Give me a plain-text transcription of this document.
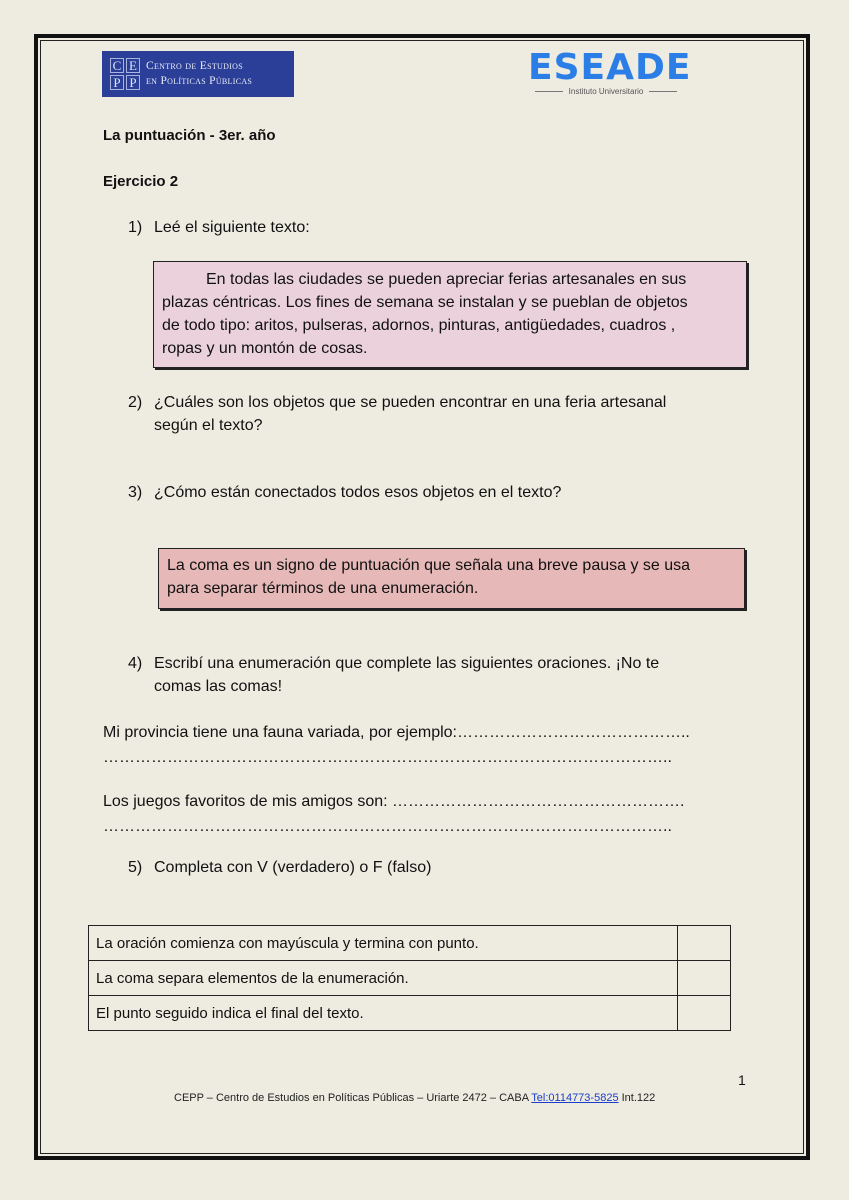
C E
P P
Centro de Estudios
en Políticas Públicas	ESEADE
Instituto Universitario
La puntuación - 3er. año
Ejercicio 2
1) Leé el siguiente texto:
En todas las ciudades se pueden apreciar ferias artesanales en sus
plazas céntricas. Los fines de semana se instalan y se pueblan de objetos
de todo tipo: aritos, pulseras, adornos, pinturas, antigüedades, cuadros ,
ropas y un montón de cosas.
2) ¿Cuáles son los objetos que se pueden encontrar en una feria artesanal
según el texto?
3) ¿Cómo están conectados todos esos objetos en el texto?
La coma es un signo de puntuación que señala una breve pausa y se usa
para separar términos de una enumeración.
4) Escribí una enumeración que complete las siguientes oraciones. ¡No te
comas las comas!
Mi provincia tiene una fauna variada, por ejemplo:……………………………………..
……………………………………………………………………………………………..
Los juegos favoritos de mis amigos son: ……………………………………………….
……………………………………………………………………………………………..
5) Completa con V (verdadero) o F (falso)
La oración comienza con mayúscula y termina con punto.	
La coma separa elementos de la enumeración.	
El punto seguido indica el final del texto.	
1
CEPP – Centro de Estudios en Políticas Públicas – Uriarte 2472 – CABA Tel:0114773-5825 Int.122
